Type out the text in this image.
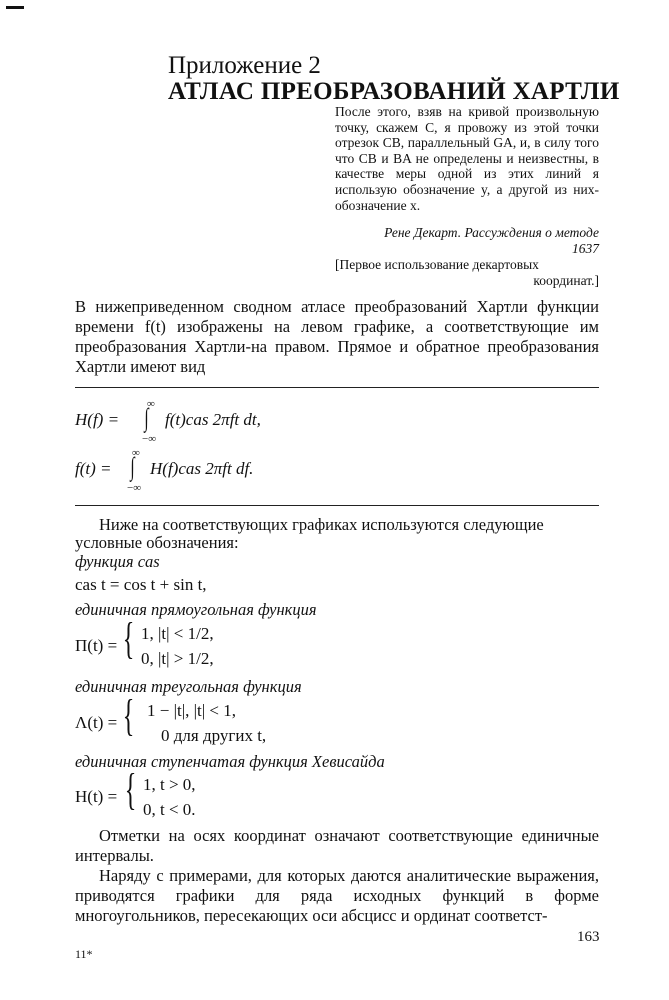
Приложение 2
АТЛАС ПРЕОБРАЗОВАНИЙ ХАРТЛИ
После этого, взяв на кривой произвольную точку, скажем C, я провожу из этой точки отрезок CB, параллельный GA, и, в силу того что CB и BA не определены и неизвестны, в качестве меры одной из этих линий я использую обозначение y, а другой из них-обозначение x.
Рене Декарт. Рассуждения о методе
1637
[Первое использование декартовых
координат.]
В нижеприведенном сводном атласе преобразований Хартли функции времени f(t) изображены на левом графике, а соответствующие им преобразования Хартли-на правом. Прямое и обратное преобразования Хартли имеют вид
∞
H(f) = ∫ f(t)cas 2πft dt,
−∞
∞
f(t) = ∫ H(f)cas 2πft df.
−∞
Ниже на соответствующих графиках используются следующие
условные обозначения:
функция cas
cas t = cos t + sin t,
единичная прямоугольная функция
Π(t) = { 1, |t| < 1/2,
0, |t| > 1/2,
единичная треугольная функция
Λ(t) = { 1 − |t|, |t| < 1,
0 для других t,
единичная ступенчатая функция Хевисайда
H(t) = { 1, t > 0,
0, t < 0.
Отметки на осях координат означают соответствующие единичные интервалы.
Наряду с примерами, для которых даются аналитические выражения, приводятся графики для ряда исходных функций в форме многоугольников, пересекающих оси абсцисс и ординат соответст-
163
11*
